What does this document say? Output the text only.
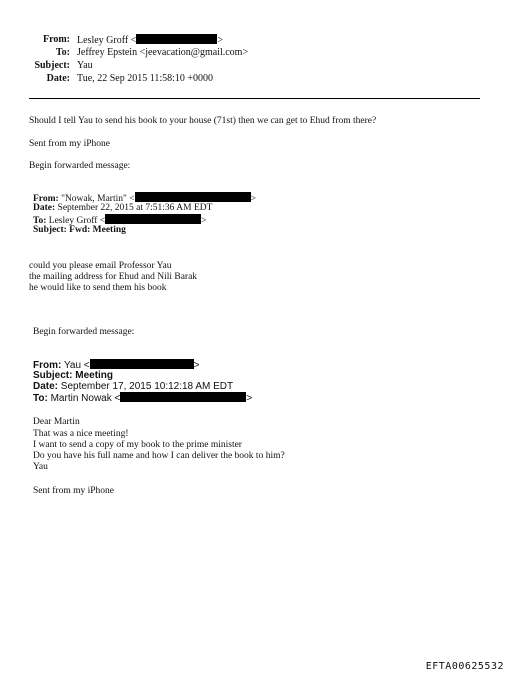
From: Lesley Groff <	>
To: Jeffrey Epstein <jeevacation@gmail.com>
Subject: Yau
Date: Tue, 22 Sep 2015 11:58:10 +0000
Should I tell Yau to send his book to your house (71st) then we can get to Ehud from there?
Sent from my iPhone
Begin forwarded message:
From: "Nowak, Martin" <	>
Date: September 22, 2015 at 7:51:36 AM EDT
To: Lesley Groff <	>
Subject: Fwd: Meeting
could you please email Professor Yau
the mailing address for Ehud and Nili Barak
he would like to send them his book
Begin forwarded message:
From: Yau <	>
Subject: Meeting
Date: September 17, 2015 10:12:18 AM EDT
To: Martin Nowak <	>
Dear Martin
That was a nice meeting!
I want to send a copy of my book to the prime minister
Do you have his full name and how I can deliver the book to him?
Yau
Sent from my iPhone
EFTA00625532
